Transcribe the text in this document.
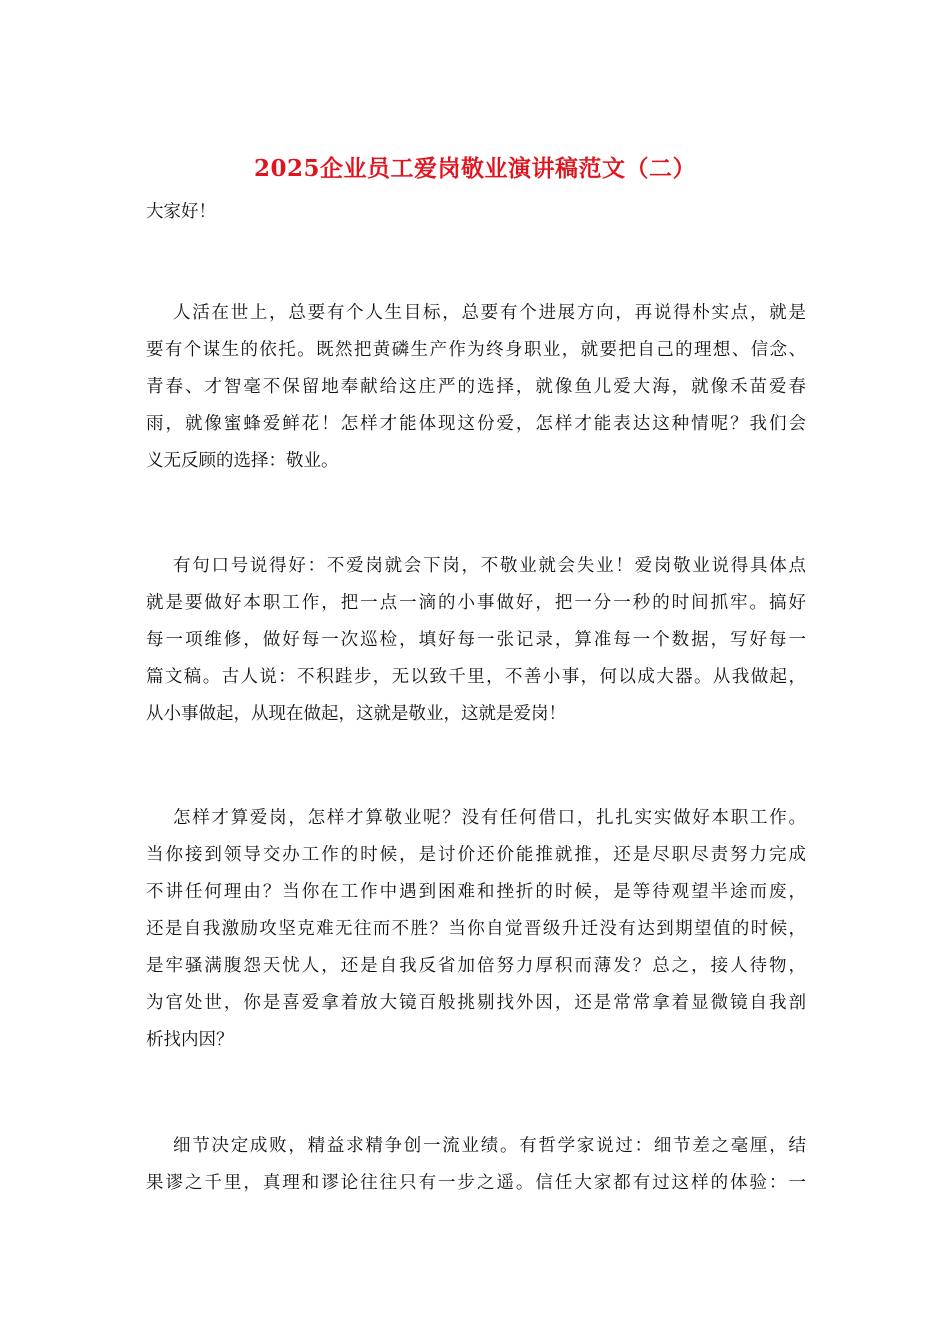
2025企业员工爱岗敬业演讲稿范文（二）
大家好！
人活在世上，总要有个人生目标，总要有个进展方向，再说得朴实点，就是
要有个谋生的依托。既然把黄磷生产作为终身职业，就要把自己的理想、信念、
青春、才智毫不保留地奉献给这庄严的选择，就像鱼儿爱大海，就像禾苗爱春
雨，就像蜜蜂爱鲜花！怎样才能体现这份爱，怎样才能表达这种情呢？我们会
义无反顾的选择：敬业。
有句口号说得好：不爱岗就会下岗，不敬业就会失业！爱岗敬业说得具体点
就是要做好本职工作，把一点一滴的小事做好，把一分一秒的时间抓牢。搞好
每一项维修，做好每一次巡检，填好每一张记录，算准每一个数据，写好每一
篇文稿。古人说：不积跬步，无以致千里，不善小事，何以成大器。从我做起，
从小事做起，从现在做起，这就是敬业，这就是爱岗！
怎样才算爱岗，怎样才算敬业呢？没有任何借口，扎扎实实做好本职工作。
当你接到领导交办工作的时候，是讨价还价能推就推，还是尽职尽责努力完成
不讲任何理由？当你在工作中遇到困难和挫折的时候，是等待观望半途而废，
还是自我激励攻坚克难无往而不胜？当你自觉晋级升迁没有达到期望值的时候，
是牢骚满腹怨天忧人，还是自我反省加倍努力厚积而薄发？总之，接人待物，
为官处世，你是喜爱拿着放大镜百般挑剔找外因，还是常常拿着显微镜自我剖
析找内因？
细节决定成败，精益求精争创一流业绩。有哲学家说过：细节差之毫厘，结
果谬之千里，真理和谬论往往只有一步之遥。信任大家都有过这样的体验：一
